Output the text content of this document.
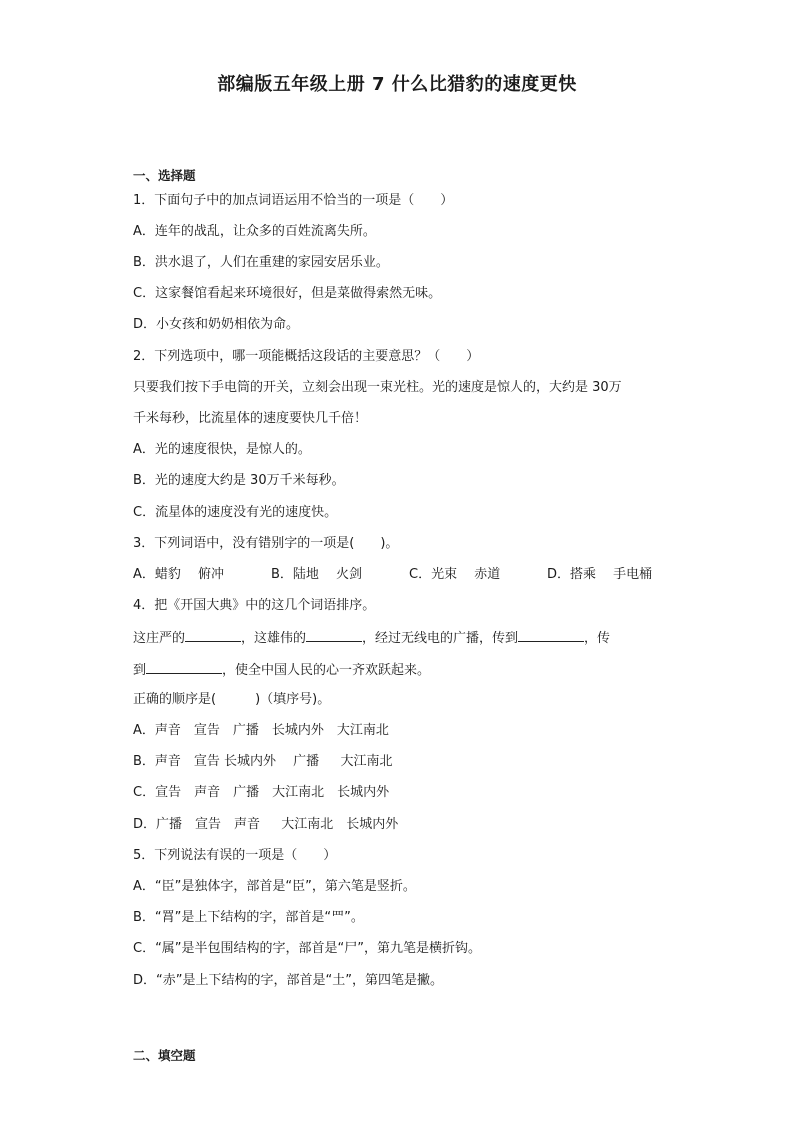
部编版五年级上册 7 什么比猎豹的速度更快
一、选择题
1．下面句子中的加点词语运用不恰当的一项是（　　）
A．连年的战乱，让众多的百姓流离失所。
B．洪水退了，人们在重建的家园安居乐业。
C．这家餐馆看起来环境很好，但是菜做得索然无味。
D．小女孩和奶奶相依为命。
2．下列选项中，哪一项能概括这段话的主要意思？（　　）
只要我们按下手电筒的开关，立刻会出现一束光柱。光的速度是惊人的，大约是 30万
千米每秒，比流星体的速度要快几千倍！
A．光的速度很快，是惊人的。
B．光的速度大约是 30万千米每秒。
C．流星体的速度没有光的速度快。
3．下列词语中，没有错别字的一项是(　　)。
A．蜡豹　 俯冲	B．陆地　 火剑	C．光束　 赤道	D．搭乘　 手电桶
4．把《开国大典》中的这几个词语排序。
这庄严的	，这雄伟的	，经过无线电的广播，传到	，传
到	，使全中国人民的心一齐欢跃起来。
正确的顺序是(　　　)（填序号)。
A．声音　宣告　广播　长城内外　大江南北
B．声音　宣告 长城内外　 广播 　 大江南北
C．宣告　声音　广播　大江南北　长城内外
D．广播　宣告　声音 　 大江南北　长城内外
5．下列说法有误的一项是（　　）
A．“臣”是独体字，部首是“臣”，第六笔是竖折。
B．“罥”是上下结构的字，部首是“罒”。
C．“属”是半包围结构的字，部首是“尸”，第九笔是横折钩。
D．“赤”是上下结构的字，部首是“土”，第四笔是撇。
二、填空题
